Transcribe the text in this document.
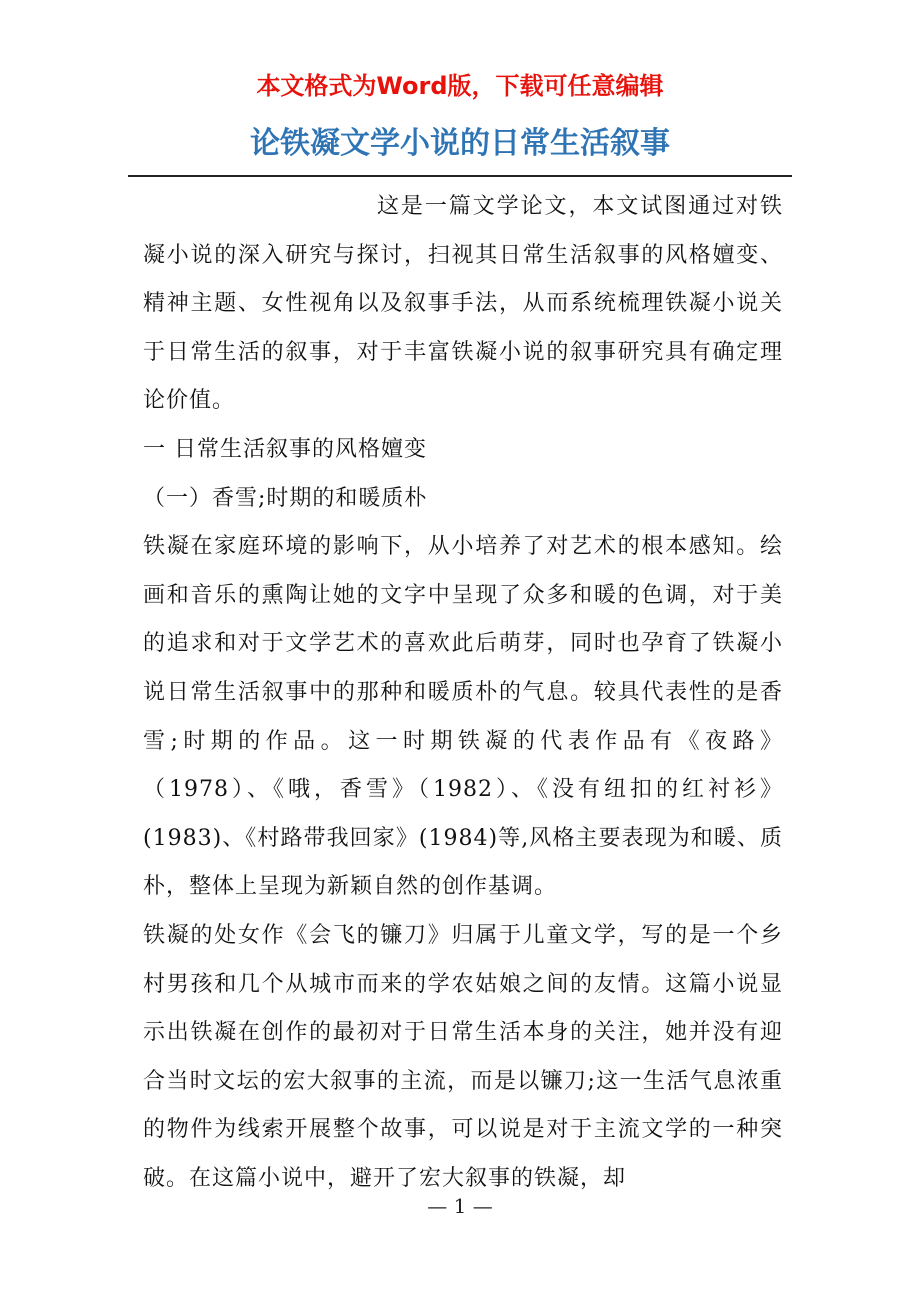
本文格式为Word版，下载可任意编辑
论铁凝文学小说的日常生活叙事

这是一篇文学论文，本文试图通过对铁凝小说的深入研究与探讨，扫视其日常生活叙事的风格嬗变、精神主题、女性视角以及叙事手法，从而系统梳理铁凝小说关于日常生活的叙事，对于丰富铁凝小说的叙事研究具有确定理论价值。

一 日常生活叙事的风格嬗变

（一）香雪;时期的和暖质朴

铁凝在家庭环境的影响下，从小培养了对艺术的根本感知。绘画和音乐的熏陶让她的文字中呈现了众多和暖的色调，对于美的追求和对于文学艺术的喜欢此后萌芽，同时也孕育了铁凝小说日常生活叙事中的那种和暖质朴的气息。较具代表性的是香雪;时期的作品。这一时期铁凝的代表作品有《夜路》（1978）、《哦，香雪》（1982）、《没有纽扣的红衬衫》(1983)、《村路带我回家》(1984)等,风格主要表现为和暖、质朴，整体上呈现为新颖自然的创作基调。

铁凝的处女作《会飞的镰刀》归属于儿童文学，写的是一个乡村男孩和几个从城市而来的学农姑娘之间的友情。这篇小说显示出铁凝在创作的最初对于日常生活本身的关注，她并没有迎合当时文坛的宏大叙事的主流，而是以镰刀;这一生活气息浓重的物件为线索开展整个故事，可以说是对于主流文学的一种突破。在这篇小说中，避开了宏大叙事的铁凝，却

— 1 —
